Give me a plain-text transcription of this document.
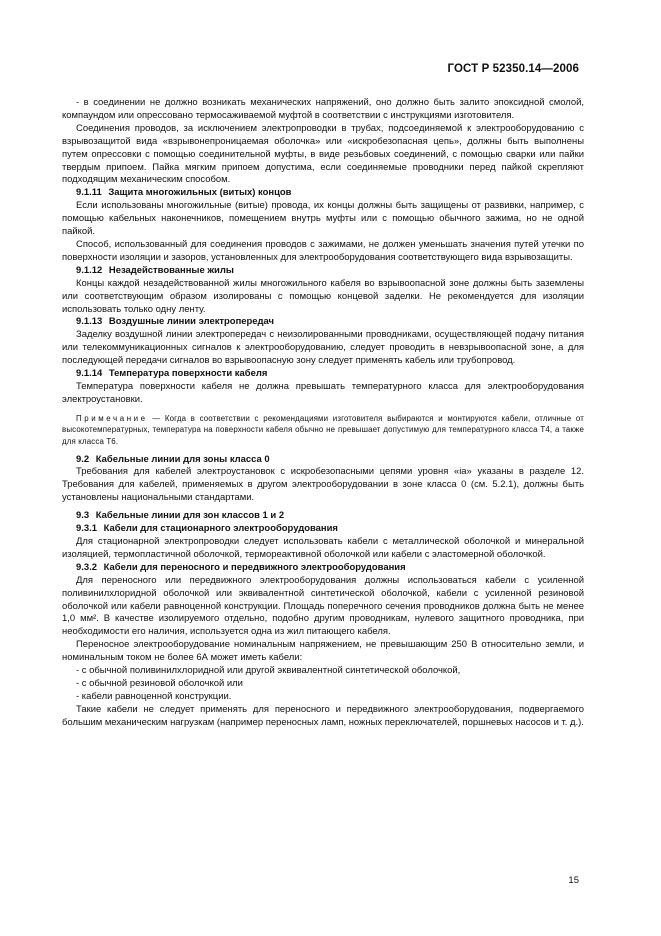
ГОСТ Р 52350.14—2006

- в соединении не должно возникать механических напряжений, оно должно быть залито эпоксидной смолой, компаундом или опрессовано термосаживаемой муфтой в соответствии с инструкциями изготовителя.

Соединения проводов, за исключением электропроводки в трубах, подсоединяемой к электрооборудованию с взрывозащитой вида «взрывонепроницаемая оболочка» или «искробезопасная цепь», должны быть выполнены путем опрессовки с помощью соединительной муфты, в виде резьбовых соединений, с помощью сварки или пайки твердым припоем. Пайка мягким припоем допустима, если соединяемые проводники перед пайкой скрепляют подходящим механическим способом.

9.1.11 Защита многожильных (витых) концов

Если использованы многожильные (витые) провода, их концы должны быть защищены от развивки, например, с помощью кабельных наконечников, помещением внутрь муфты или с помощью обычного зажима, но не одной пайкой.

Способ, использованный для соединения проводов с зажимами, не должен уменьшать значения путей утечки по поверхности изоляции и зазоров, установленных для электрооборудования соответствующего вида взрывозащиты.

9.1.12 Незадействованные жилы

Концы каждой незадействованной жилы многожильного кабеля во взрывоопасной зоне должны быть заземлены или соответствующим образом изолированы с помощью концевой заделки. Не рекомендуется для изоляции использовать только одну ленту.

9.1.13 Воздушные линии электропередач

Заделку воздушной линии электропередач с неизолированными проводниками, осуществляющей подачу питания или телекоммуникационных сигналов к электрооборудованию, следует проводить в невзрывоопасной зоне, а для последующей передачи сигналов во взрывоопасную зону следует применять кабель или трубопровод.

9.1.14 Температура поверхности кабеля

Температура поверхности кабеля не должна превышать температурного класса для электрооборудования электроустановки.

Примечание — Когда в соответствии с рекомендациями изготовителя выбираются и монтируются кабели, отличные от высокотемпературных, температура на поверхности кабеля обычно не превышает допустимую для температурного класса Т4, а также для класса Т6.

9.2 Кабельные линии для зоны класса 0

Требования для кабелей электроустановок с искробезопасными цепями уровня «ia» указаны в разделе 12. Требования для кабелей, применяемых в другом электрооборудовании в зоне класса 0 (см. 5.2.1), должны быть установлены национальными стандартами.

9.3 Кабельные линии для зон классов 1 и 2

9.3.1 Кабели для стационарного электрооборудования

Для стационарной электропроводки следует использовать кабели с металлической оболочкой и минеральной изоляцией, термопластичной оболочкой, термореактивной оболочкой или кабели с эластомерной оболочкой.

9.3.2 Кабели для переносного и передвижного электрооборудования

Для переносного или передвижного электрооборудования должны использоваться кабели с усиленной поливинилхлоридной оболочкой или эквивалентной синтетической оболочкой, кабели с усиленной резиновой оболочкой или кабели равноценной конструкции. Площадь поперечного сечения проводников должна быть не менее 1,0 мм². В качестве изолируемого отдельно, подобно другим проводникам, нулевого защитного проводника, при необходимости его наличия, используется одна из жил питающего кабеля.

Переносное электрооборудование номинальным напряжением, не превышающим 250 В относительно земли, и номинальным током не более 6А может иметь кабели:

- с обычной поливинилхлоридной или другой эквивалентной синтетической оболочкой,

- с обычной резиновой оболочкой или

- кабели равноценной конструкции.

Такие кабели не следует применять для переносного и передвижного электрооборудования, подвергаемого большим механическим нагрузкам (например переносных ламп, ножных переключателей, поршневых насосов и т. д.).

15
